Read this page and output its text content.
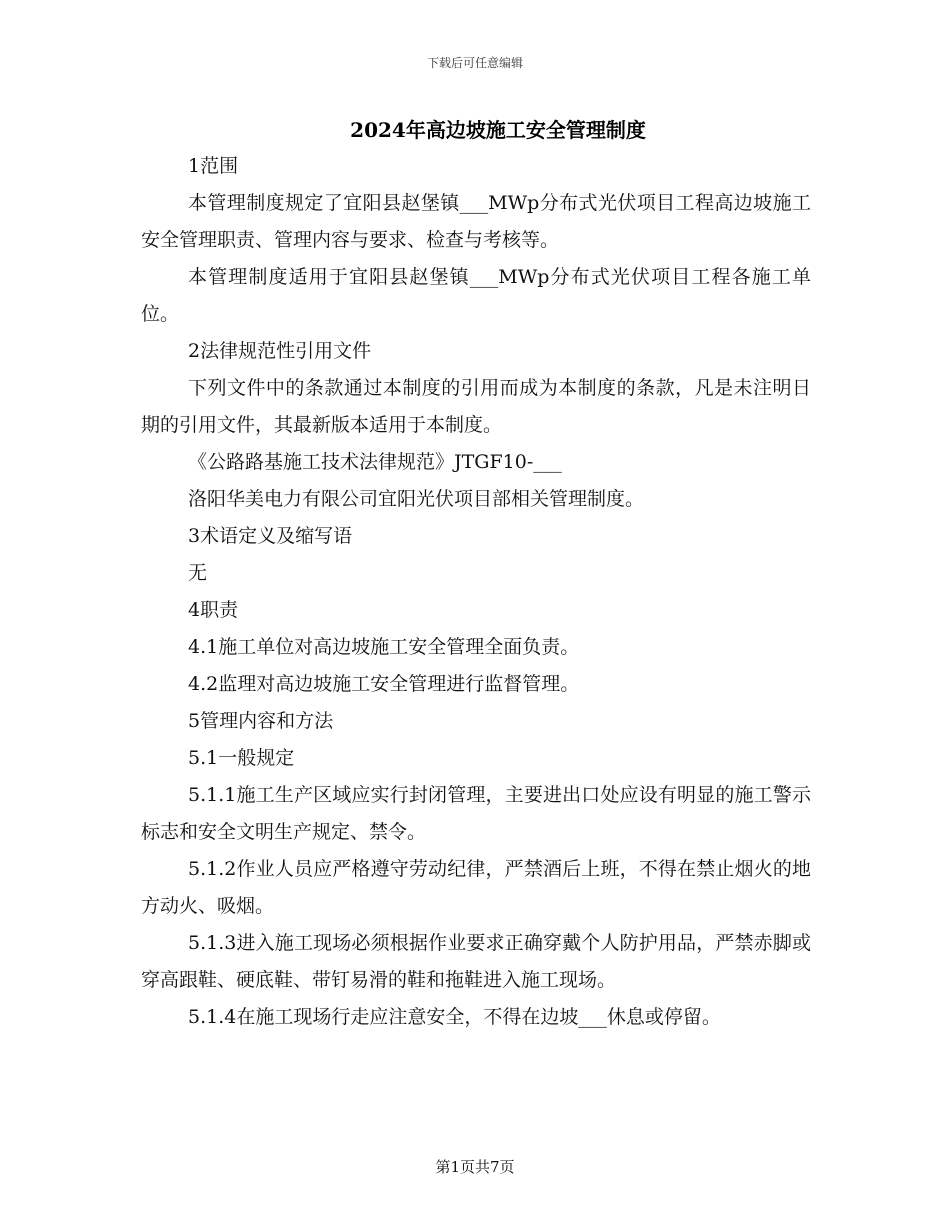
下载后可任意编辑
2024年高边坡施工安全管理制度

1范围

本管理制度规定了宜阳县赵堡镇___MWp分布式光伏项目工程高边坡施工安全管理职责、管理内容与要求、检查与考核等。

本管理制度适用于宜阳县赵堡镇___MWp分布式光伏项目工程各施工单位。

2法律规范性引用文件

下列文件中的条款通过本制度的引用而成为本制度的条款，凡是未注明日期的引用文件，其最新版本适用于本制度。

《公路路基施工技术法律规范》JTGF10-___

洛阳华美电力有限公司宜阳光伏项目部相关管理制度。

3术语定义及缩写语

无

4职责

4.1施工单位对高边坡施工安全管理全面负责。

4.2监理对高边坡施工安全管理进行监督管理。

5管理内容和方法

5.1一般规定

5.1.1施工生产区域应实行封闭管理，主要进出口处应设有明显的施工警示标志和安全文明生产规定、禁令。

5.1.2作业人员应严格遵守劳动纪律，严禁酒后上班，不得在禁止烟火的地方动火、吸烟。

5.1.3进入施工现场必须根据作业要求正确穿戴个人防护用品，严禁赤脚或穿高跟鞋、硬底鞋、带钉易滑的鞋和拖鞋进入施工现场。

5.1.4在施工现场行走应注意安全，不得在边坡___休息或停留。

第1页共7页
